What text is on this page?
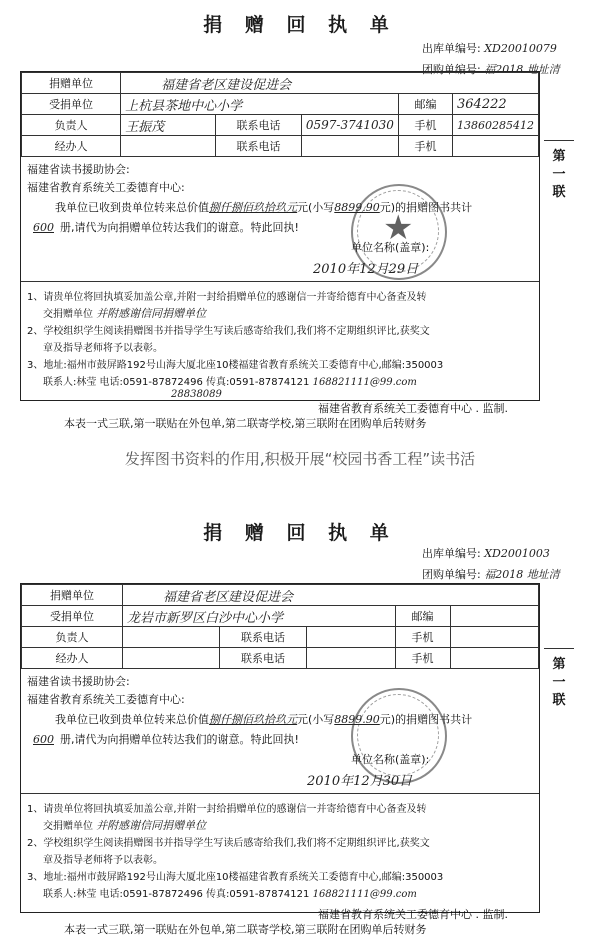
捐 赠 回 执 单
出库单编号: XD20010079
团购单编号: 福2018 地址清
捐赠单位	福建省老区建设促进会				
受捐单位	上杭县茶地中心小学			邮编	364222
负责人	王振茂	联系电话	0597-3741030	手机	13860285412
经办人		联系电话		手机	
福建省读书援助协会:
福建省教育系统关工委德育中心:
我单位已收到贵单位转来总价值捌仟捌佰玖拾玖元元(小写8899.90元)的捐赠图书共计
600 册,请代为向捐赠单位转达我们的谢意。特此回执!
单位名称(盖章):
2010年12月29日
1、请贵单位将回执填妥加盖公章,并附一封给捐赠单位的感谢信一并寄给德育中心备查及转
交捐赠单位 并附感谢信同捐赠单位
2、学校组织学生阅读捐赠图书并指导学生写读后感寄给我们,我们将不定期组织评比,获奖文
章及指导老师将予以表彰。
3、地址:福州市鼓屏路192号山海大厦北座10楼福建省教育系统关工委德育中心,邮编:350003
联系人:林莹 电话:0591-87872496 传真:0591-87874121 168821111@99.com
28838089
★
第一联
福建省教育系统关工委德育中心 . 监制.
本表一式三联,第一联贴在外包单,第二联寄学校,第三联附在团购单后转财务
发挥图书资料的作用,积极开展“校园书香工程”读书活
捐 赠 回 执 单
出库单编号: XD2001003
团购单编号: 福2018 地址清
捐赠单位	福建省老区建设促进会				
受捐单位	龙岩市新罗区白沙中心小学			邮编	
负责人		联系电话		手机	
经办人		联系电话		手机	
福建省读书援助协会:
福建省教育系统关工委德育中心:
我单位已收到贵单位转来总价值捌仟捌佰玖拾玖元元(小写8899.90元)的捐赠图书共计
600 册,请代为向捐赠单位转达我们的谢意。特此回执!
单位名称(盖章):
2010年12月30日
1、请贵单位将回执填妥加盖公章,并附一封给捐赠单位的感谢信一并寄给德育中心备查及转
交捐赠单位 并附感谢信同捐赠单位
2、学校组织学生阅读捐赠图书并指导学生写读后感寄给我们,我们将不定期组织评比,获奖文
章及指导老师将予以表彰。
3、地址:福州市鼓屏路192号山海大厦北座10楼福建省教育系统关工委德育中心,邮编:350003
联系人:林莹 电话:0591-87872496 传真:0591-87874121 168821111@99.com
第一联
福建省教育系统关工委德育中心 . 监制.
本表一式三联,第一联贴在外包单,第二联寄学校,第三联附在团购单后转财务
